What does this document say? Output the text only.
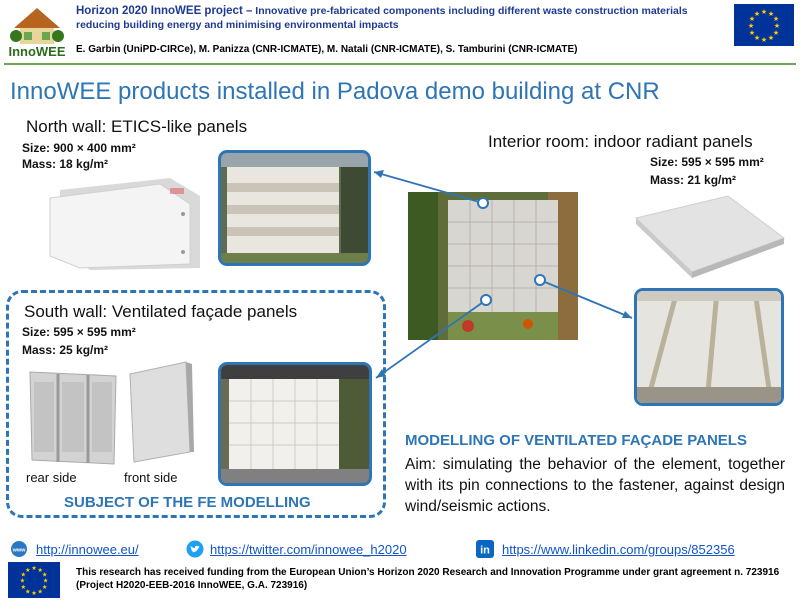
InnoWEE
Horizon 2020 InnoWEE project – Innovative pre-fabricated components including different waste construction materials reducing building energy and minimising environmental impacts
E. Garbin (UniPD-CIRCe), M. Panizza (CNR-ICMATE), M. Natali (CNR-ICMATE), S. Tamburini (CNR-ICMATE)
★ ★
★
★
★
★
★
★
★
★
★
★
InnoWEE products installed in Padova demo building at CNR
North wall: ETICS-like panels
Size: 900 × 400 mm²
Mass: 18 kg/m²
Interior room: indoor radiant panels
Size: 595 × 595 mm²
Mass: 21 kg/m²
South wall: Ventilated façade panels
Size: 595 × 595 mm²
Mass: 25 kg/m²
rear side	front side
SUBJECT OF THE FE MODELLING
MODELLING OF VENTILATED FAÇADE PANELS
Aim: simulating the behavior of the element, together with its pin connections to the fastener, against design wind/seismic actions.
www http://innowee.eu/	https://twitter.com/innowee_h2020	in https://www.linkedin.com/groups/852356
★ ★
★
★
★
★
★
★
★
★
★
★	This research has received funding from the European Union’s Horizon 2020 Research and Innovation Programme under grant agreement n. 723916 (Project H2020-EEB-2016 InnoWEE, G.A. 723916)
